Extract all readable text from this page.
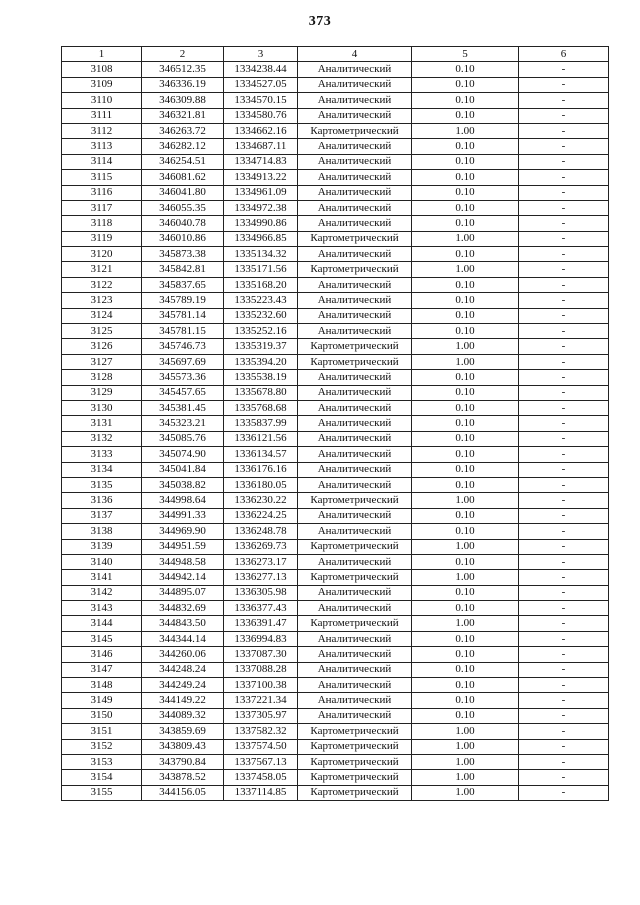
373
1	2	3	4	5	6
3108	346512.35	1334238.44	Аналитический	0.10	-
3109	346336.19	1334527.05	Аналитический	0.10	-
3110	346309.88	1334570.15	Аналитический	0.10	-
3111	346321.81	1334580.76	Аналитический	0.10	-
3112	346263.72	1334662.16	Картометрический	1.00	-
3113	346282.12	1334687.11	Аналитический	0.10	-
3114	346254.51	1334714.83	Аналитический	0.10	-
3115	346081.62	1334913.22	Аналитический	0.10	-
3116	346041.80	1334961.09	Аналитический	0.10	-
3117	346055.35	1334972.38	Аналитический	0.10	-
3118	346040.78	1334990.86	Аналитический	0.10	-
3119	346010.86	1334966.85	Картометрический	1.00	-
3120	345873.38	1335134.32	Аналитический	0.10	-
3121	345842.81	1335171.56	Картометрический	1.00	-
3122	345837.65	1335168.20	Аналитический	0.10	-
3123	345789.19	1335223.43	Аналитический	0.10	-
3124	345781.14	1335232.60	Аналитический	0.10	-
3125	345781.15	1335252.16	Аналитический	0.10	-
3126	345746.73	1335319.37	Картометрический	1.00	-
3127	345697.69	1335394.20	Картометрический	1.00	-
3128	345573.36	1335538.19	Аналитический	0.10	-
3129	345457.65	1335678.80	Аналитический	0.10	-
3130	345381.45	1335768.68	Аналитический	0.10	-
3131	345323.21	1335837.99	Аналитический	0.10	-
3132	345085.76	1336121.56	Аналитический	0.10	-
3133	345074.90	1336134.57	Аналитический	0.10	-
3134	345041.84	1336176.16	Аналитический	0.10	-
3135	345038.82	1336180.05	Аналитический	0.10	-
3136	344998.64	1336230.22	Картометрический	1.00	-
3137	344991.33	1336224.25	Аналитический	0.10	-
3138	344969.90	1336248.78	Аналитический	0.10	-
3139	344951.59	1336269.73	Картометрический	1.00	-
3140	344948.58	1336273.17	Аналитический	0.10	-
3141	344942.14	1336277.13	Картометрический	1.00	-
3142	344895.07	1336305.98	Аналитический	0.10	-
3143	344832.69	1336377.43	Аналитический	0.10	-
3144	344843.50	1336391.47	Картометрический	1.00	-
3145	344344.14	1336994.83	Аналитический	0.10	-
3146	344260.06	1337087.30	Аналитический	0.10	-
3147	344248.24	1337088.28	Аналитический	0.10	-
3148	344249.24	1337100.38	Аналитический	0.10	-
3149	344149.22	1337221.34	Аналитический	0.10	-
3150	344089.32	1337305.97	Аналитический	0.10	-
3151	343859.69	1337582.32	Картометрический	1.00	-
3152	343809.43	1337574.50	Картометрический	1.00	-
3153	343790.84	1337567.13	Картометрический	1.00	-
3154	343878.52	1337458.05	Картометрический	1.00	-
3155	344156.05	1337114.85	Картометрический	1.00	-
